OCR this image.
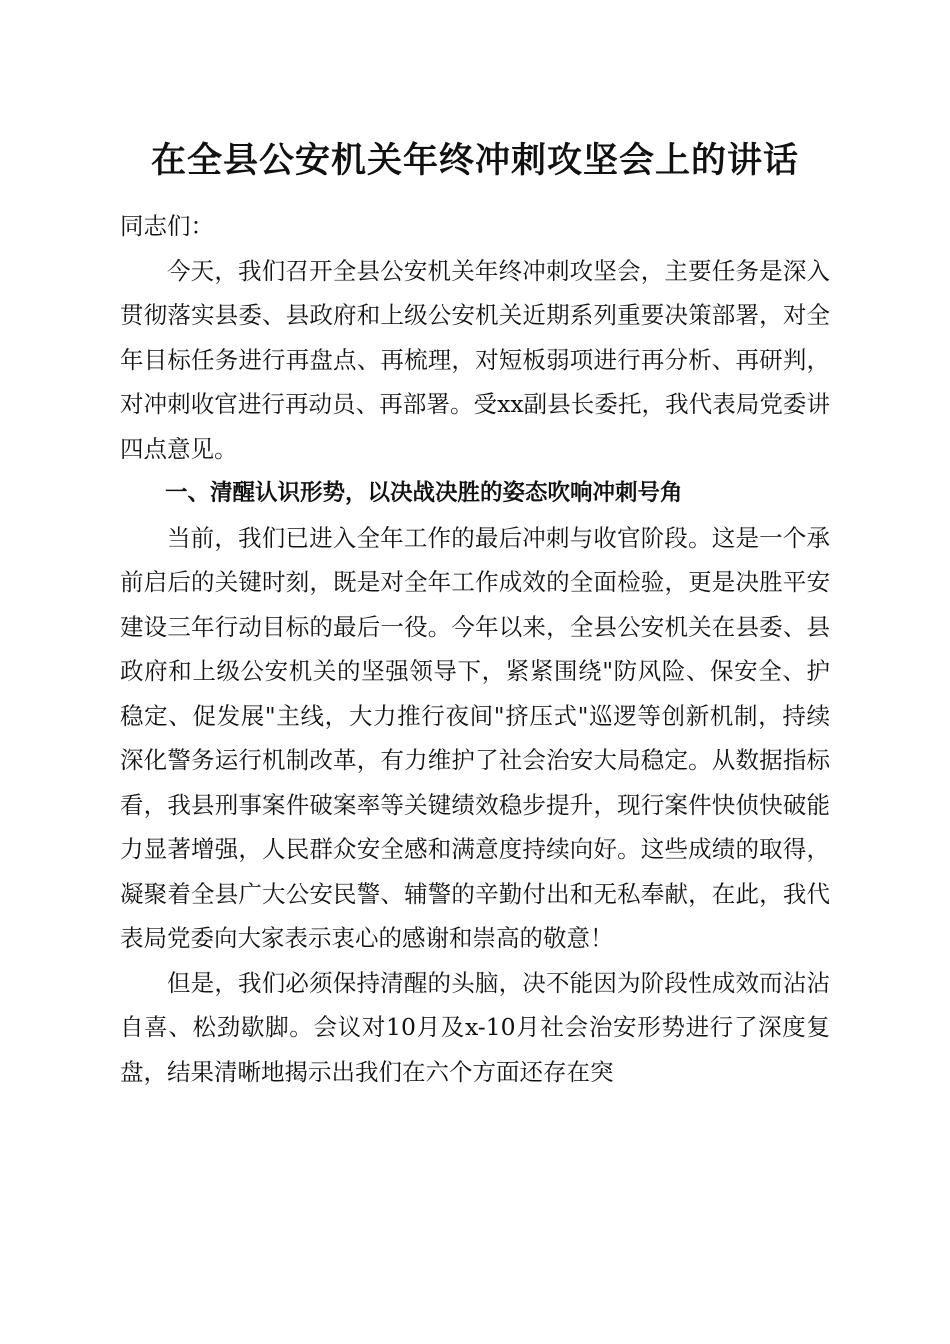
在全县公安机关年终冲刺攻坚会上的讲话

同志们：

今天，我们召开全县公安机关年终冲刺攻坚会，主要任务是深入贯彻落实县委、县政府和上级公安机关近期系列重要决策部署，对全年目标任务进行再盘点、再梳理，对短板弱项进行再分析、再研判，对冲刺收官进行再动员、再部署。受xx副县长委托，我代表局党委讲四点意见。

一、清醒认识形势，以决战决胜的姿态吹响冲刺号角

当前，我们已进入全年工作的最后冲刺与收官阶段。这是一个承前启后的关键时刻，既是对全年工作成效的全面检验，更是决胜平安建设三年行动目标的最后一役。今年以来，全县公安机关在县委、县政府和上级公安机关的坚强领导下，紧紧围绕"防风险、保安全、护稳定、促发展"主线，大力推行夜间"挤压式"巡逻等创新机制，持续深化警务运行机制改革，有力维护了社会治安大局稳定。从数据指标看，我县刑事案件破案率等关键绩效稳步提升，现行案件快侦快破能力显著增强，人民群众安全感和满意度持续向好。这些成绩的取得，凝聚着全县广大公安民警、辅警的辛勤付出和无私奉献，在此，我代表局党委向大家表示衷心的感谢和崇高的敬意！

但是，我们必须保持清醒的头脑，决不能因为阶段性成效而沾沾自喜、松劲歇脚。会议对10月及x-10月社会治安形势进行了深度复盘，结果清晰地揭示出我们在六个方面还存在突
